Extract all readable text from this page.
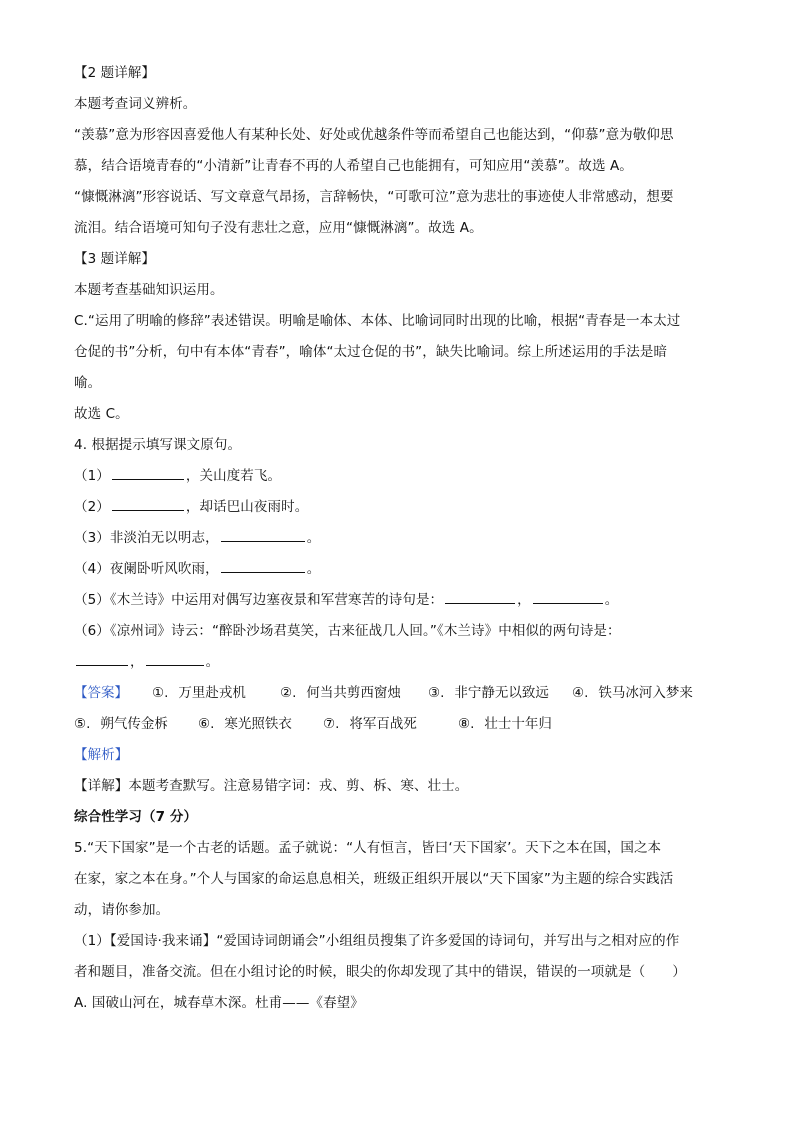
【2 题详解】
本题考查词义辨析。
“羡慕”意为形容因喜爱他人有某种长处、好处或优越条件等而希望自己也能达到，“仰慕”意为敬仰思
慕，结合语境青春的“小清新”让青春不再的人希望自己也能拥有，可知应用“羡慕”。故选 A。
“慷慨淋漓”形容说话、写文章意气昂扬，言辞畅快，“可歌可泣”意为悲壮的事迹使人非常感动，想要
流泪。结合语境可知句子没有悲壮之意，应用“慷慨淋漓”。故选 A。
【3 题详解】
本题考查基础知识运用。
C.“运用了明喻的修辞”表述错误。明喻是喻体、本体、比喻词同时出现的比喻，根据“青春是一本太过
仓促的书”分析，句中有本体“青春”，喻体“太过仓促的书”，缺失比喻词。综上所述运用的手法是暗
喻。
故选 C。
4. 根据提示填写课文原句。
（1）	，关山度若飞。
（2）	，却话巴山夜雨时。
（3）非淡泊无以明志，	。
（4）夜阑卧听风吹雨，	。
（5）《木兰诗》中运用对偶写边塞夜景和军营寒苦的诗句是：	，	。
（6）《凉州词》诗云：“醉卧沙场君莫笑，古来征战几人回。”《木兰诗》中相似的两句诗是：
，	。
【答案】	①. 万里赴戎机	②. 何当共剪西窗烛	③. 非宁静无以致远	④. 铁马冰河入梦来
⑤. 朔气传金柝	⑥. 寒光照铁衣	⑦. 将军百战死	⑧. 壮士十年归
【解析】
【详解】本题考查默写。注意易错字词：戎、剪、柝、寒、壮士。
综合性学习（7 分）
5.“天下国家”是一个古老的话题。孟子就说：“人有恒言，皆曰‘天下国家’。天下之本在国，国之本
在家，家之本在身。”个人与国家的命运息息相关，班级正组织开展以“天下国家”为主题的综合实践活
动，请你参加。
（1）【爱国诗·我来诵】“爱国诗词朗诵会”小组组员搜集了许多爱国的诗词句，并写出与之相对应的作
者和题目，准备交流。但在小组讨论的时候，眼尖的你却发现了其中的错误，错误的一项就是（　　）
A. 国破山河在，城春草木深。杜甫——《春望》
